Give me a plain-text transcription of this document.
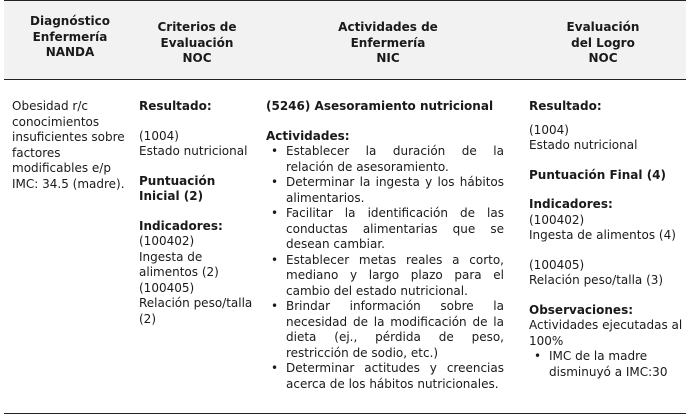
Diagnóstico
Enfermería
NANDA
Criterios de
Evaluación
NOC
Actividades de
Enfermería
NIC
Evaluación
del Logro
NOC

Obesidad r/c conocimientos insuficientes sobre factores modificables e/p IMC: 34.5 (madre).

Resultado:

(1004)

Estado nutricional

Puntuación Inicial (2)

Indicadores:

(100402)

Ingesta de alimentos (2)

(100405)

Relación peso/talla (2)

(5246) Asesoramiento nutricional

Actividades:

• Establecer la duración de la relación de asesoramiento.
• Determinar la ingesta y los hábitos alimentarios.
• Facilitar la identificación de las conductas alimentarias que se desean cambiar.
• Establecer metas reales a corto, mediano y largo plazo para el cambio del estado nutricional.
• Brindar información sobre la necesidad de la modificación de la dieta (ej., pérdida de peso, restricción de sodio, etc.)
• Determinar actitudes y creencias acerca de los hábitos nutricionales.

Resultado:

(1004)

Estado nutricional

Puntuación Final (4)

Indicadores:

(100402)

Ingesta de alimentos (4)

(100405)

Relación peso/talla (3)

Observaciones:

Actividades ejecutadas al 100%

• IMC de la madre disminuyó a IMC:30
